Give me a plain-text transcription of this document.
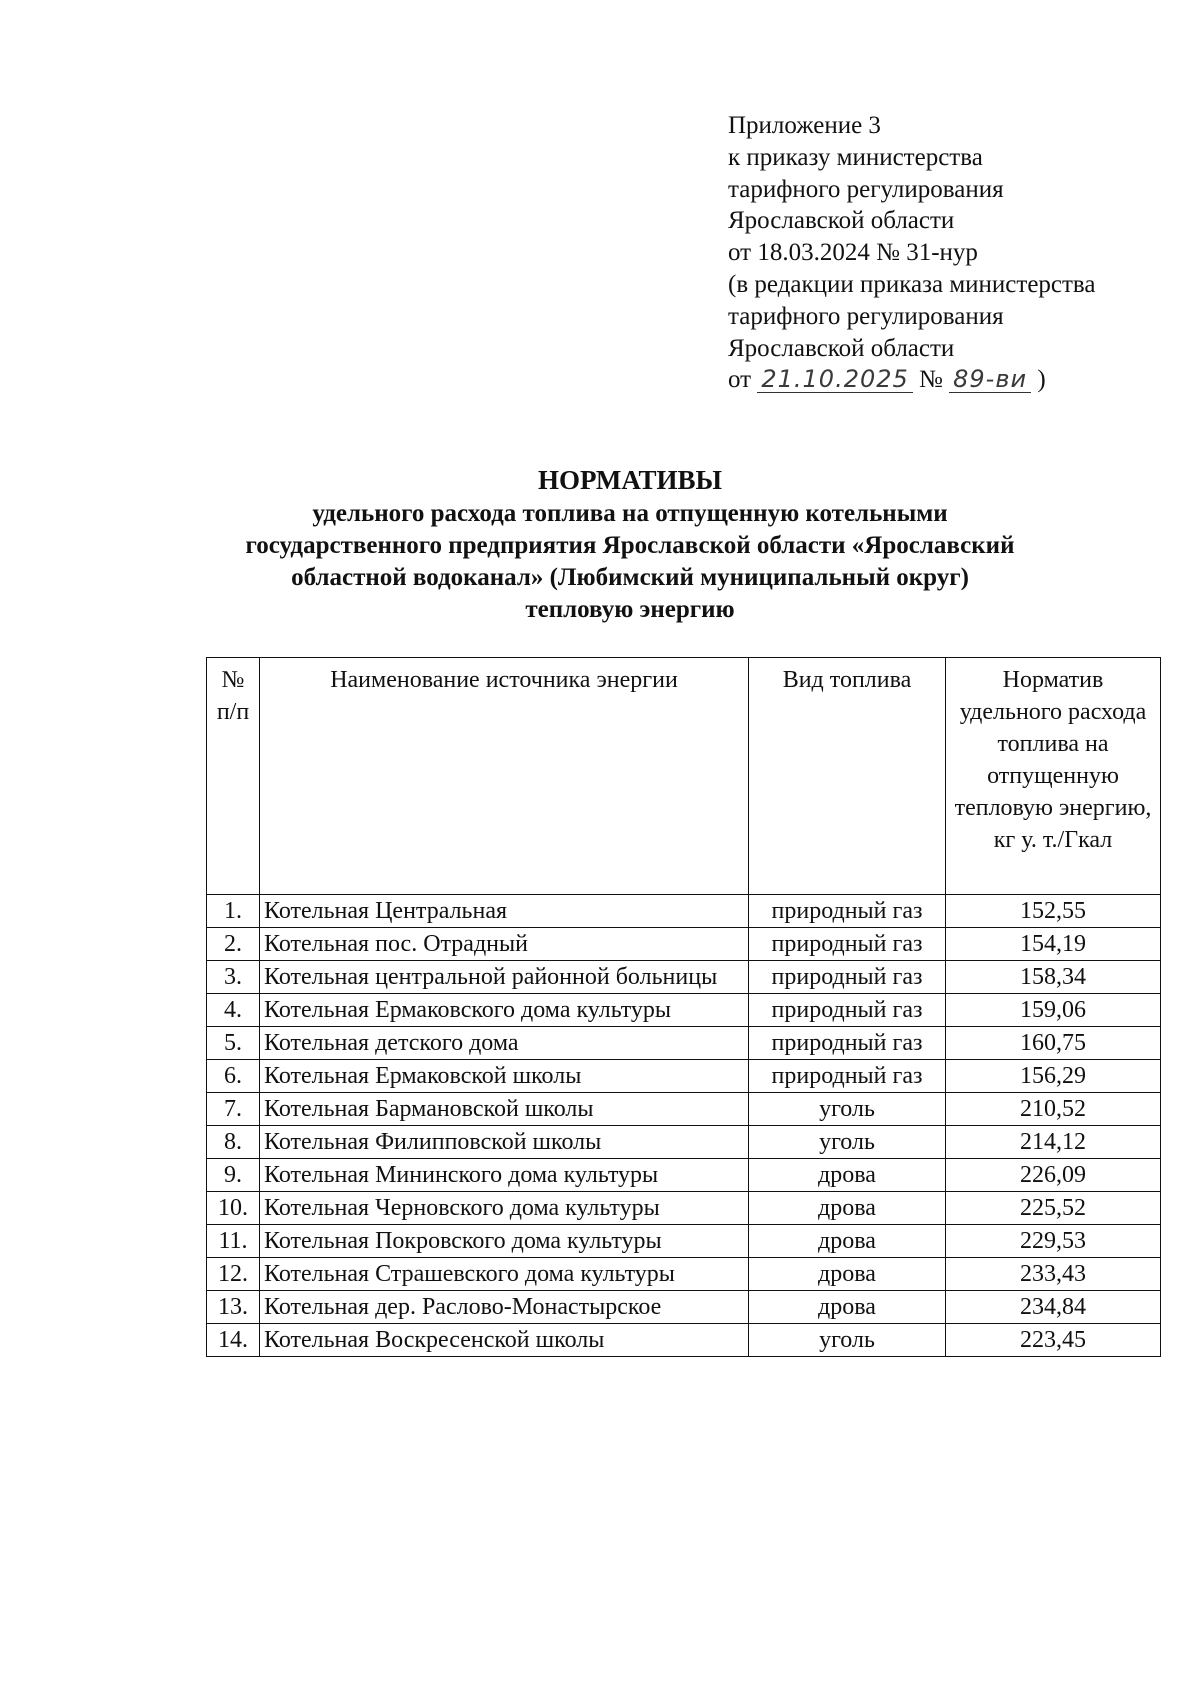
Приложение 3
к приказу министерства
тарифного регулирования
Ярославской области
от 18.03.2024 № 31-нур
(в редакции приказа министерства
тарифного регулирования
Ярославской области
от 21.10.2025 № 89-ви )
НОРМАТИВЫ
удельного расхода топлива на отпущенную котельными
государственного предприятия Ярославской области «Ярославский
областной водоканал» (Любимский муниципальный округ)
тепловую энергию
№ п/п	Наименование источника энергии	Вид топлива	Норматив удельного расхода топлива на отпущенную тепловую энергию, кг у. т./Гкал
1.	Котельная Центральная	природный газ	152,55
2.	Котельная пос. Отрадный	природный газ	154,19
3.	Котельная центральной районной больницы	природный газ	158,34
4.	Котельная Ермаковского дома культуры	природный газ	159,06
5.	Котельная детского дома	природный газ	160,75
6.	Котельная Ермаковской школы	природный газ	156,29
7.	Котельная Бармановской школы	уголь	210,52
8.	Котельная Филипповской школы	уголь	214,12
9.	Котельная Мининского дома культуры	дрова	226,09
10.	Котельная Черновского дома культуры	дрова	225,52
11.	Котельная Покровского дома культуры	дрова	229,53
12.	Котельная Страшевского дома культуры	дрова	233,43
13.	Котельная дер. Раслово-Монастырское	дрова	234,84
14.	Котельная Воскресенской школы	уголь	223,45
